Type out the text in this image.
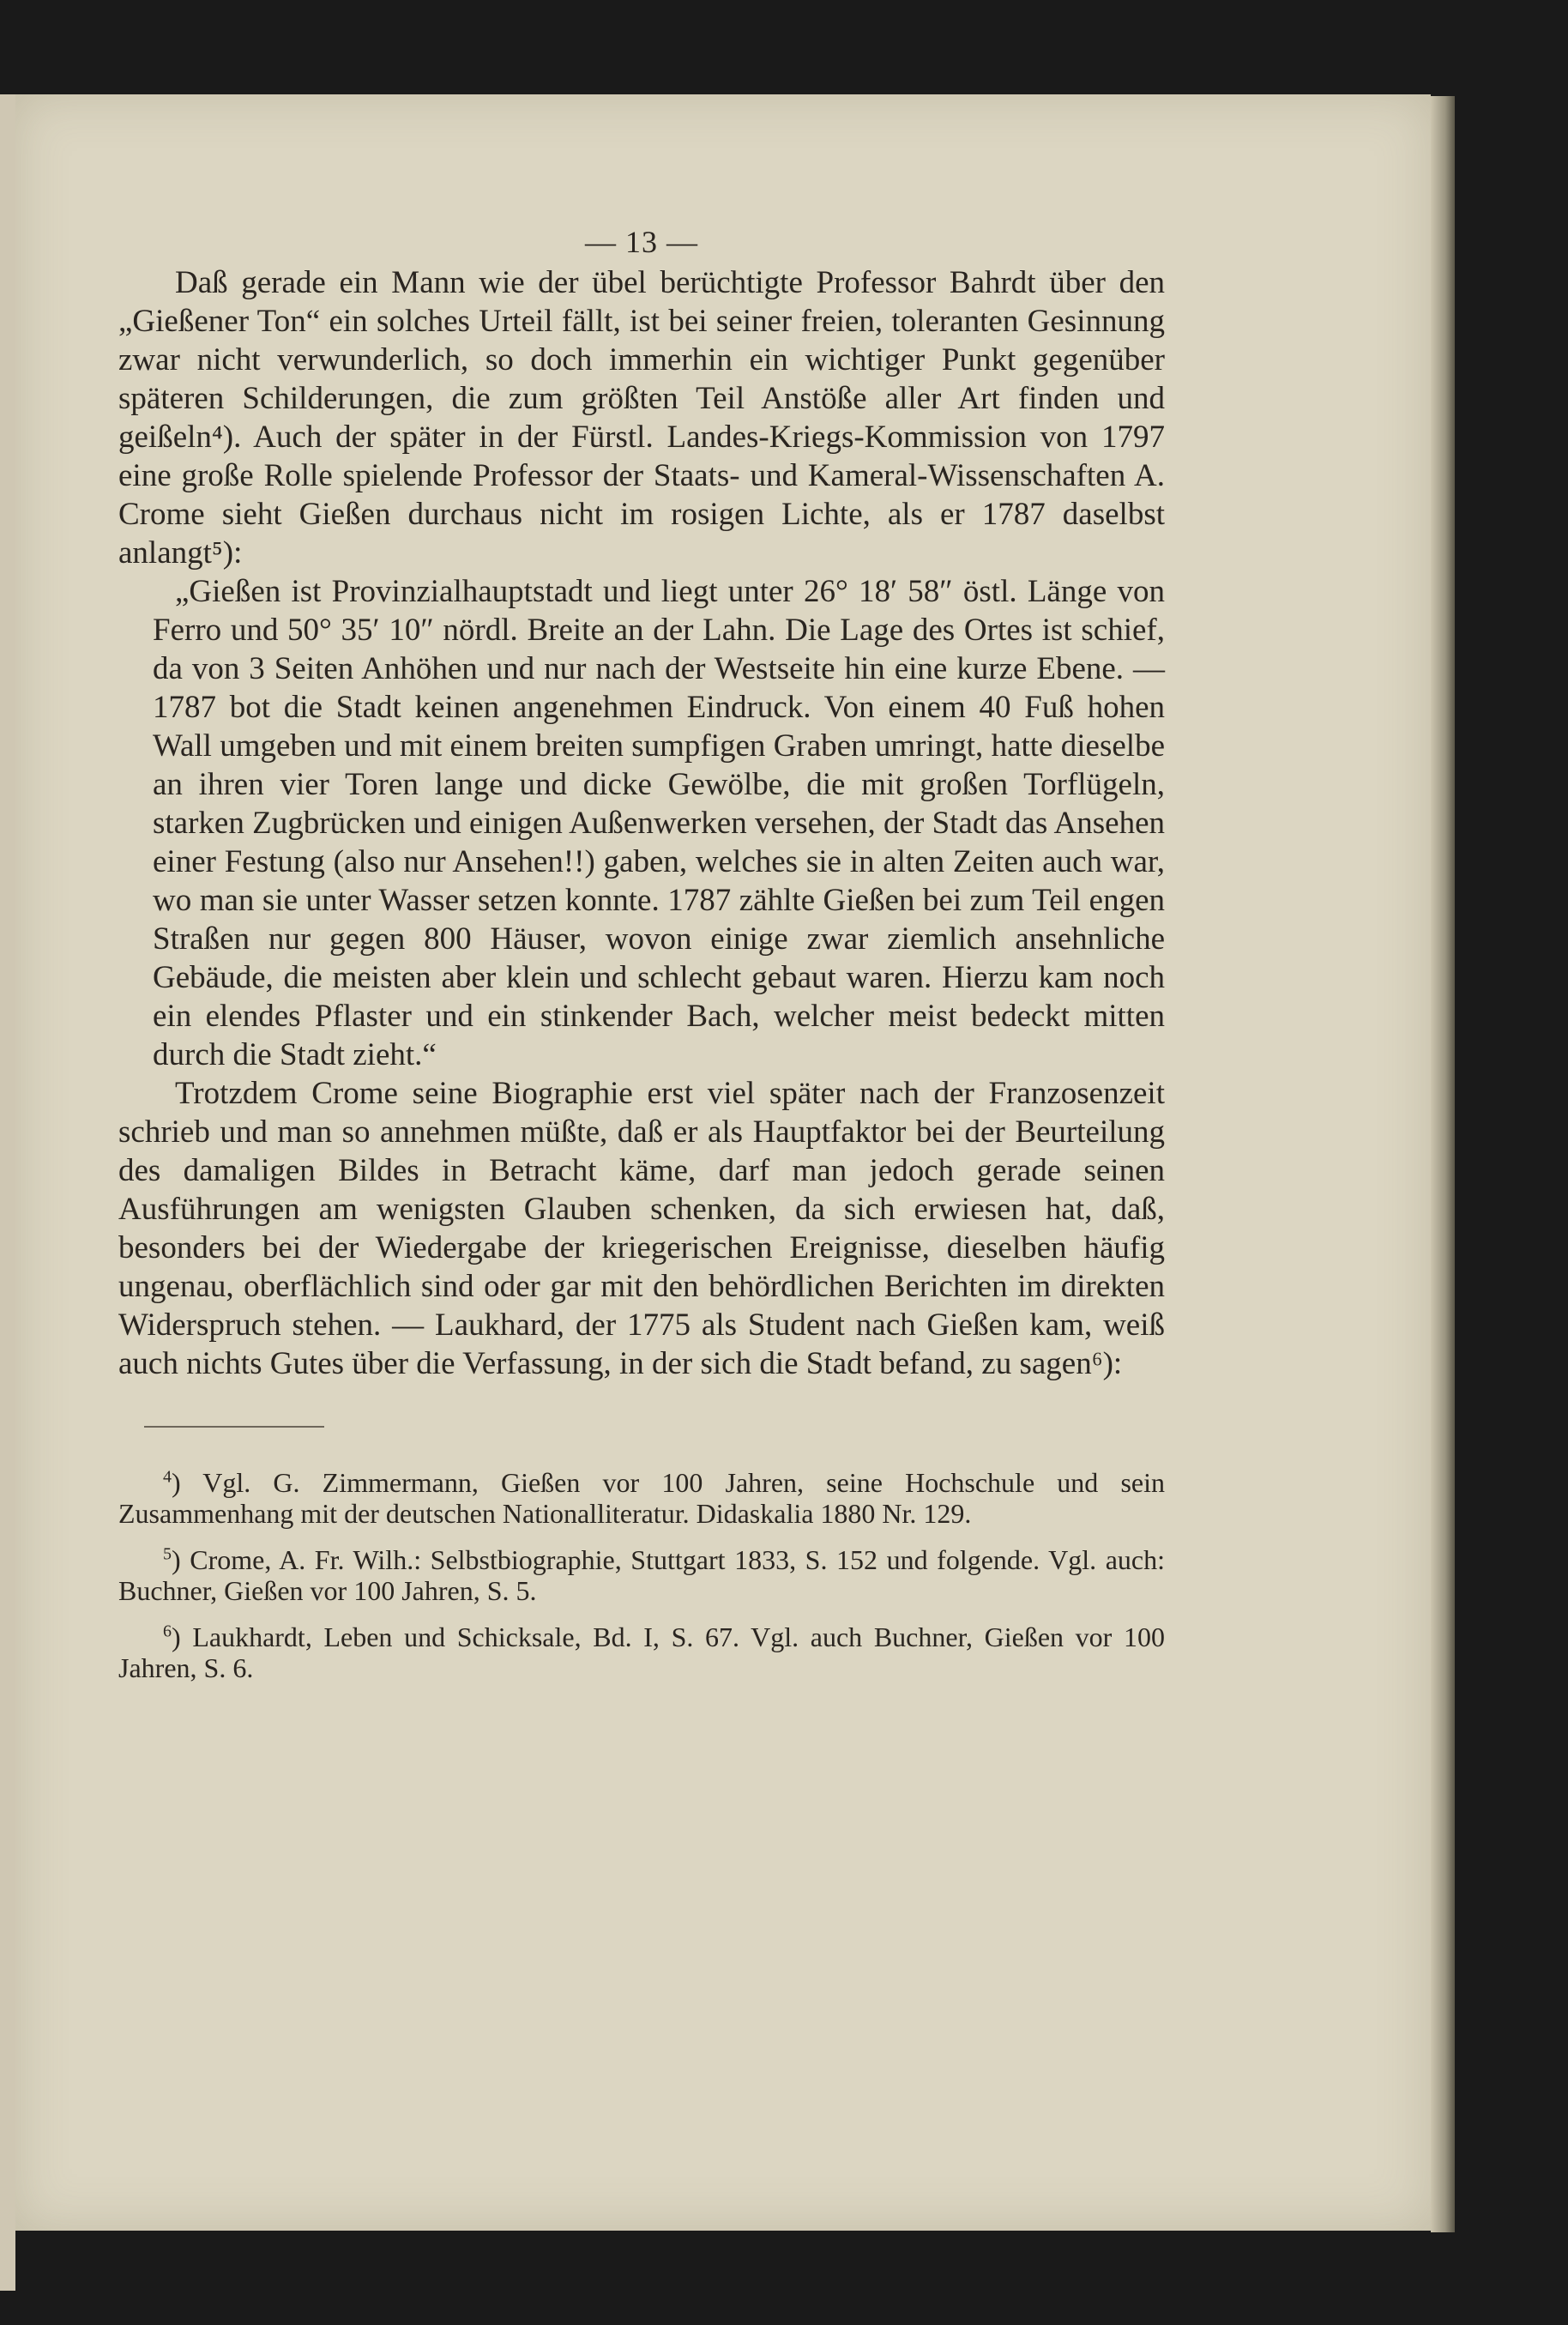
— 13 —

Daß gerade ein Mann wie der übel berüchtigte Professor Bahrdt über den „Gießener Ton“ ein solches Urteil fällt, ist bei seiner freien, toleranten Gesinnung zwar nicht verwunderlich, so doch immerhin ein wichtiger Punkt gegenüber späteren Schilderungen, die zum größten Teil Anstöße aller Art finden und geißeln⁴). Auch der später in der Fürstl. Landes-Kriegs-Kommission von 1797 eine große Rolle spielende Professor der Staats- und Kameral-Wissenschaften A. Crome sieht Gießen durchaus nicht im rosigen Lichte, als er 1787 daselbst anlangt⁵):

„Gießen ist Provinzialhauptstadt und liegt unter 26° 18′ 58″ östl. Länge von Ferro und 50° 35′ 10″ nördl. Breite an der Lahn. Die Lage des Ortes ist schief, da von 3 Seiten Anhöhen und nur nach der Westseite hin eine kurze Ebene. — 1787 bot die Stadt keinen angenehmen Eindruck. Von einem 40 Fuß hohen Wall umgeben und mit einem breiten sumpfigen Graben umringt, hatte dieselbe an ihren vier Toren lange und dicke Gewölbe, die mit großen Torflügeln, starken Zugbrücken und einigen Außenwerken versehen, der Stadt das Ansehen einer Festung (also nur Ansehen!!) gaben, welches sie in alten Zeiten auch war, wo man sie unter Wasser setzen konnte. 1787 zählte Gießen bei zum Teil engen Straßen nur gegen 800 Häuser, wovon einige zwar ziemlich ansehnliche Gebäude, die meisten aber klein und schlecht gebaut waren. Hierzu kam noch ein elendes Pflaster und ein stinkender Bach, welcher meist bedeckt mitten durch die Stadt zieht.“

Trotzdem Crome seine Biographie erst viel später nach der Franzosenzeit schrieb und man so annehmen müßte, daß er als Hauptfaktor bei der Beurteilung des damaligen Bildes in Betracht käme, darf man jedoch gerade seinen Ausführungen am wenigsten Glauben schenken, da sich erwiesen hat, daß, besonders bei der Wiedergabe der kriegerischen Ereignisse, dieselben häufig ungenau, oberflächlich sind oder gar mit den behördlichen Berichten im direkten Widerspruch stehen. — Laukhard, der 1775 als Student nach Gießen kam, weiß auch nichts Gutes über die Verfassung, in der sich die Stadt befand, zu sagen⁶):

$^4$) Vgl. G. Zimmermann, Gießen vor 100 Jahren, seine Hochschule und sein Zusammenhang mit der deutschen Nationalliteratur. Didaskalia 1880 Nr. 129.

$^5$) Crome, A. Fr. Wilh.: Selbstbiographie, Stuttgart 1833, S. 152 und folgende. Vgl. auch: Buchner, Gießen vor 100 Jahren, S. 5.

$^6$) Laukhardt, Leben und Schicksale, Bd. I, S. 67. Vgl. auch Buchner, Gießen vor 100 Jahren, S. 6.
